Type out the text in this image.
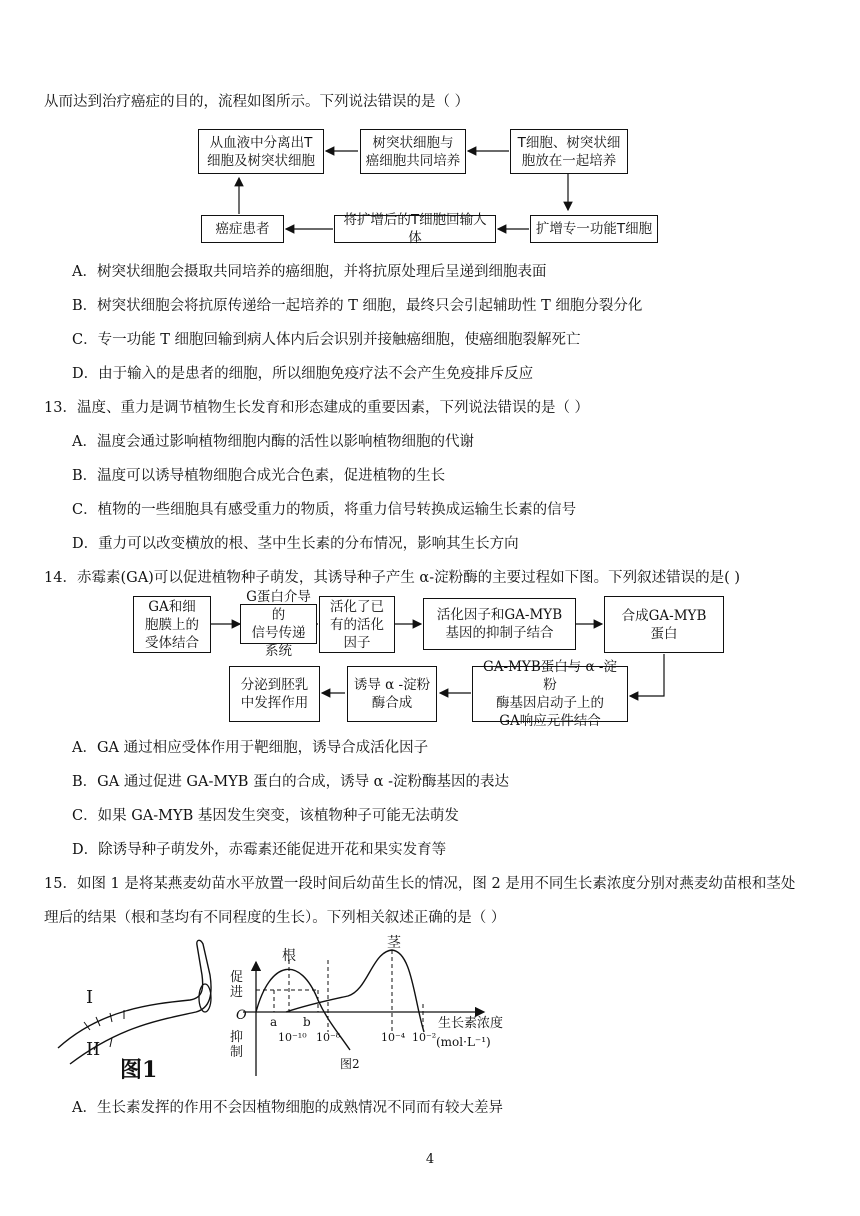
从而达到治疗癌症的目的，流程如图所示。下列说法错误的是（ ）
从血液中分离出T
细胞及树突状细胞
树突状细胞与
癌细胞共同培养
T细胞、树突状细
胞放在一起培养
癌症患者
将扩增后的T细胞回输人体
扩增专一功能T细胞
A．树突状细胞会摄取共同培养的癌细胞，并将抗原处理后呈递到细胞表面
B．树突状细胞会将抗原传递给一起培养的 T 细胞，最终只会引起辅助性 T 细胞分裂分化
C．专一功能 T 细胞回输到病人体内后会识别并接触癌细胞，使癌细胞裂解死亡
D．由于输入的是患者的细胞，所以细胞免疫疗法不会产生免疫排斥反应
13．温度、重力是调节植物生长发育和形态建成的重要因素，下列说法错误的是（ ）
A．温度会通过影响植物细胞内酶的活性以影响植物细胞的代谢
B．温度可以诱导植物细胞合成光合色素，促进植物的生长
C．植物的一些细胞具有感受重力的物质，将重力信号转换成运输生长素的信号
D．重力可以改变横放的根、茎中生长素的分布情况，影响其生长方向
14．赤霉素(GA)可以促进植物种子萌发，其诱导种子产生 α-淀粉酶的主要过程如下图。下列叙述错误的是( )
GA和细
胞膜上的
受体结合
G蛋白介导的
信号传递系统
活化了已
有的活化
因子
活化因子和GA-MYB
基因的抑制子结合
合成GA-MYB
蛋白
GA-MYB蛋白与 α -淀粉
酶基因启动子上的
GA响应元件结合
诱导 α -淀粉
酶合成
分泌到胚乳
中发挥作用
A．GA 通过相应受体作用于靶细胞，诱导合成活化因子
B．GA 通过促进 GA-MYB 蛋白的合成，诱导 α -淀粉酶基因的表达
C．如果 GA-MYB 基因发生突变，该植物种子可能无法萌发
D．除诱导种子萌发外，赤霉素还能促进开花和果实发育等
15．如图 1 是将某燕麦幼苗水平放置一段时间后幼苗生长的情况，图 2 是用不同生长素浓度分别对燕麦幼苗根和茎处
理后的结果（根和茎均有不同程度的生长）。下列相关叙述正确的是（ ）
I
II
图1
促
进
抑
制
O
根
茎
a b
10⁻¹⁰ 10⁻⁸	10⁻⁴ 10⁻²
生长素浓度
(mol·L⁻¹)
图2
A．生长素发挥的作用不会因植物细胞的成熟情况不同而有较大差异
4
